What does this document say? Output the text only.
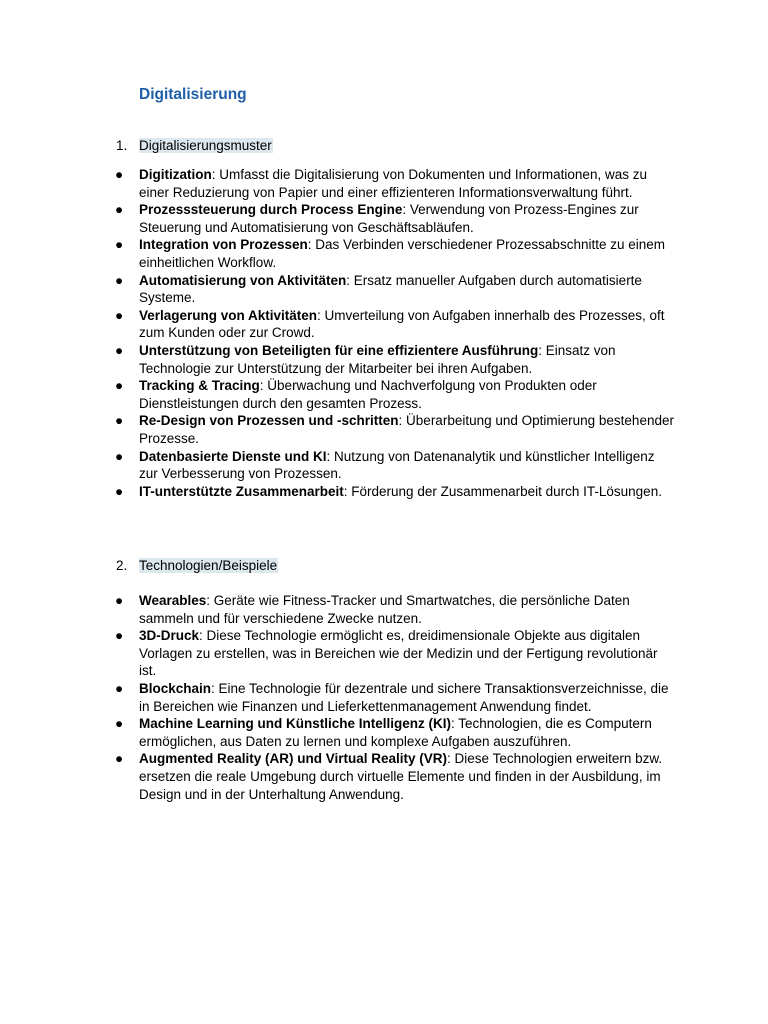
Digitalisierung
1. Digitalisierungsmuster
● Digitization: Umfasst die Digitalisierung von Dokumenten und Informationen, was zu einer Reduzierung von Papier und einer effizienteren Informationsverwaltung führt.
● Prozesssteuerung durch Process Engine: Verwendung von Prozess-Engines zur Steuerung und Automatisierung von Geschäftsabläufen.
● Integration von Prozessen: Das Verbinden verschiedener Prozessabschnitte zu einem einheitlichen Workflow.
● Automatisierung von Aktivitäten: Ersatz manueller Aufgaben durch automatisierte Systeme.
● Verlagerung von Aktivitäten: Umverteilung von Aufgaben innerhalb des Prozesses, oft zum Kunden oder zur Crowd.
● Unterstützung von Beteiligten für eine effizientere Ausführung: Einsatz von Technologie zur Unterstützung der Mitarbeiter bei ihren Aufgaben.
● Tracking & Tracing: Überwachung und Nachverfolgung von Produkten oder Dienstleistungen durch den gesamten Prozess.
● Re-Design von Prozessen und -schritten: Überarbeitung und Optimierung bestehender Prozesse.
● Datenbasierte Dienste und KI: Nutzung von Datenanalytik und künstlicher Intelligenz zur Verbesserung von Prozessen.
● IT-unterstützte Zusammenarbeit: Förderung der Zusammenarbeit durch IT-Lösungen.
2. Technologien/Beispiele
● Wearables: Geräte wie Fitness-Tracker und Smartwatches, die persönliche Daten sammeln und für verschiedene Zwecke nutzen.
● 3D-Druck: Diese Technologie ermöglicht es, dreidimensionale Objekte aus digitalen Vorlagen zu erstellen, was in Bereichen wie der Medizin und der Fertigung revolutionär ist.
● Blockchain: Eine Technologie für dezentrale und sichere Transaktionsverzeichnisse, die in Bereichen wie Finanzen und Lieferkettenmanagement Anwendung findet.
● Machine Learning und Künstliche Intelligenz (KI): Technologien, die es Computern ermöglichen, aus Daten zu lernen und komplexe Aufgaben auszuführen.
● Augmented Reality (AR) und Virtual Reality (VR): Diese Technologien erweitern bzw. ersetzen die reale Umgebung durch virtuelle Elemente und finden in der Ausbildung, im Design und in der Unterhaltung Anwendung.
